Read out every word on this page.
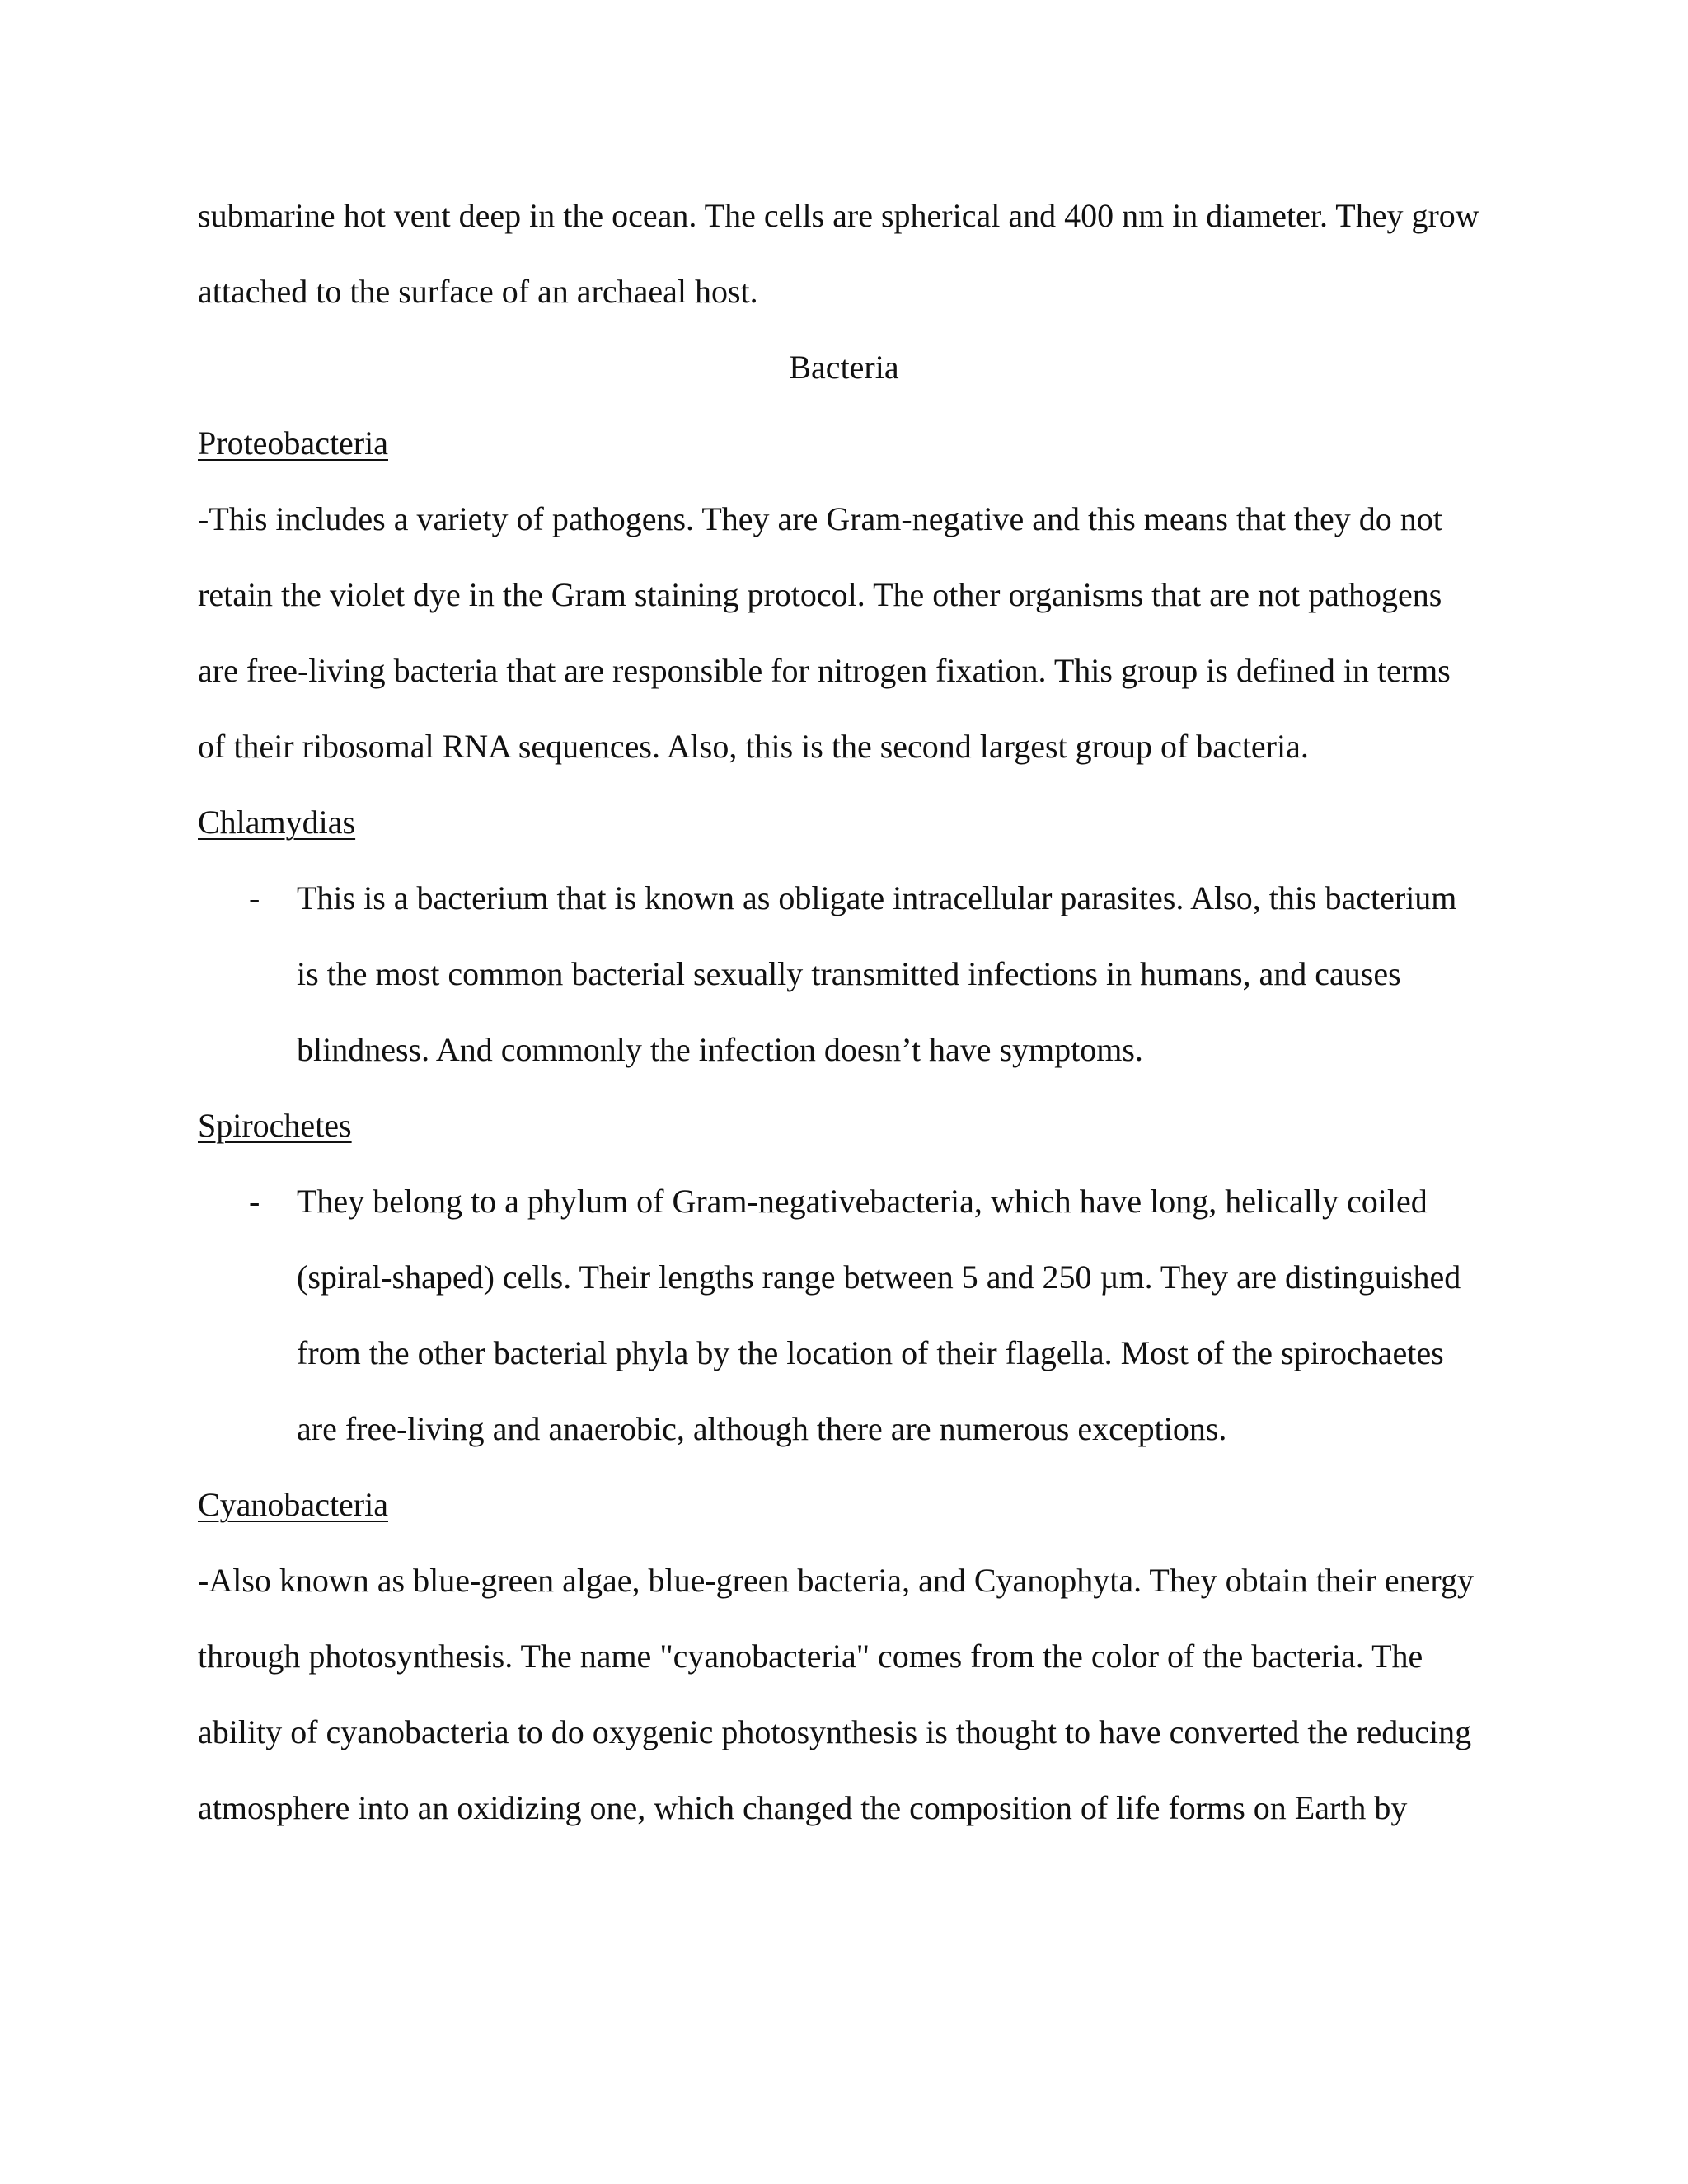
submarine hot vent deep in the ocean. The cells are spherical and 400 nm in diameter. They grow
attached to the surface of an archaeal host.
Bacteria
Proteobacteria
-This includes a variety of pathogens. They are Gram-negative and this means that they do not
retain the violet dye in the Gram staining protocol. The other organisms that are not pathogens
are free-living bacteria that are responsible for nitrogen fixation. This group is defined in terms
of their ribosomal RNA sequences. Also, this is the second largest group of bacteria.
Chlamydias
- This is a bacterium that is known as obligate intracellular parasites. Also, this bacterium
is the most common bacterial sexually transmitted infections in humans, and causes
blindness. And commonly the infection doesn’t have symptoms.
Spirochetes
- They belong to a phylum of Gram-negativebacteria, which have long, helically coiled
(spiral-shaped) cells. Their lengths range between 5 and 250 µm. They are distinguished
from the other bacterial phyla by the location of their flagella. Most of the spirochaetes
are free-living and anaerobic, although there are numerous exceptions.
Cyanobacteria
-Also known as blue-green algae, blue-green bacteria, and Cyanophyta. They obtain their energy
through photosynthesis. The name "cyanobacteria" comes from the color of the bacteria. The
ability of cyanobacteria to do oxygenic photosynthesis is thought to have converted the reducing
atmosphere into an oxidizing one, which changed the composition of life forms on Earth by
